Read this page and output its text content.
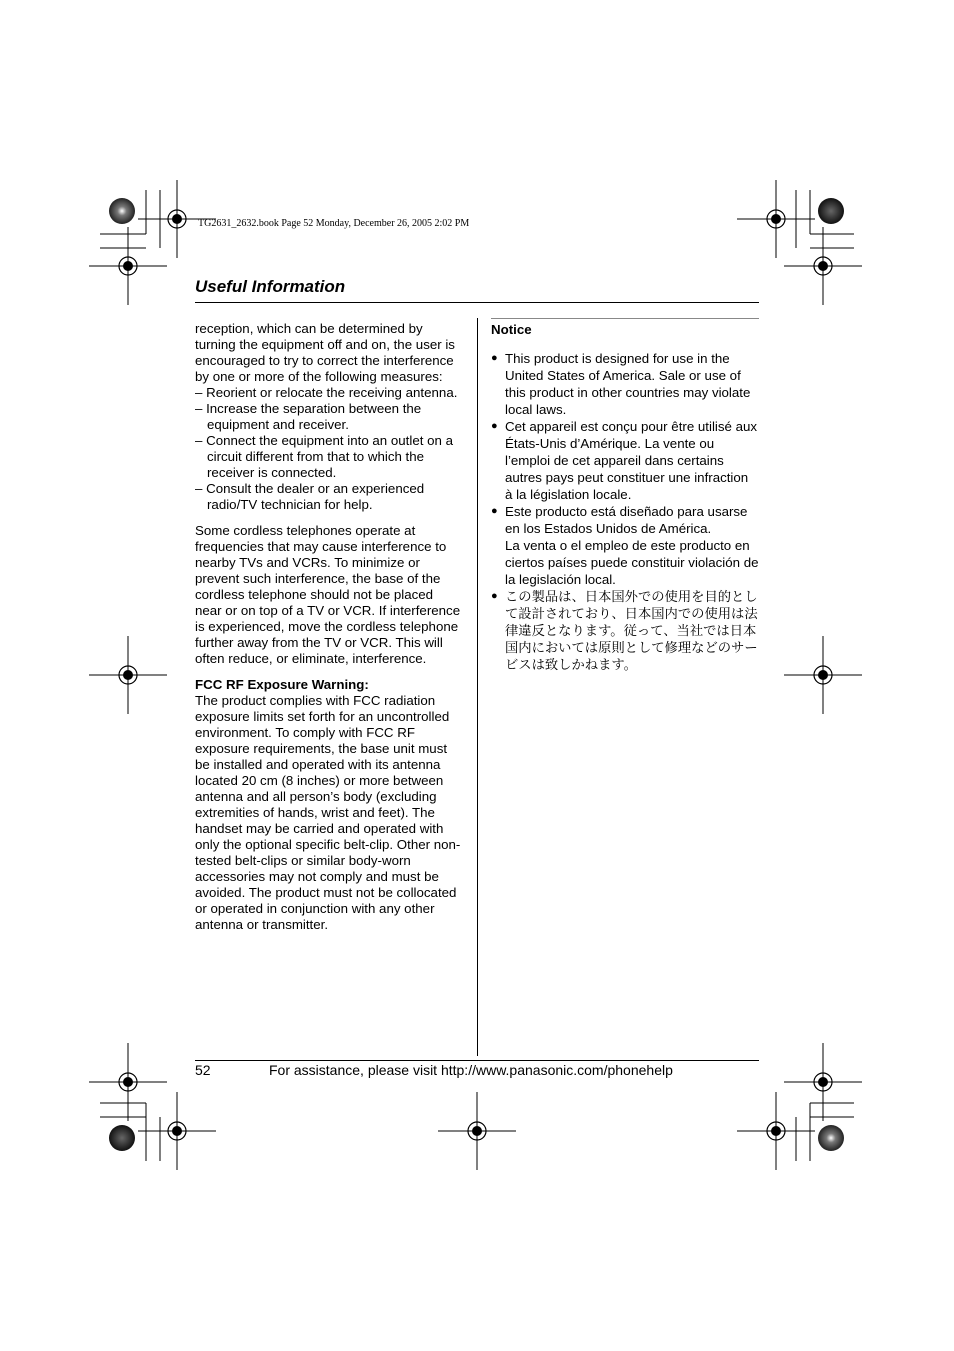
TG2631_2632.book Page 52 Monday, December 26, 2005 2:02 PM
Useful Information

reception, which can be determined by turning the equipment off and on, the user is encouraged to try to correct the interference by one or more of the following measures:

– Reorient or relocate the receiving antenna.
– Increase the separation between the equipment and receiver.
– Connect the equipment into an outlet on a circuit different from that to which the receiver is connected.
– Consult the dealer or an experienced radio/TV technician for help.

Some cordless telephones operate at frequencies that may cause interference to nearby TVs and VCRs. To minimize or prevent such interference, the base of the cordless telephone should not be placed near or on top of a TV or VCR. If interference is experienced, move the cordless telephone further away from the TV or VCR. This will often reduce, or eliminate, interference.

FCC RF Exposure Warning:

The product complies with FCC radiation exposure limits set forth for an uncontrolled environment. To comply with FCC RF exposure requirements, the base unit must be installed and operated with its antenna located 20 cm (8 inches) or more between antenna and all person’s body (excluding extremities of hands, wrist and feet). The handset may be carried and operated with only the optional specific belt-clip. Other non-tested belt-clips or similar body-worn accessories may not comply and must be avoided. The product must not be collocated or operated in conjunction with any other antenna or transmitter.

Notice

● This product is designed for use in the United States of America. Sale or use of this product in other countries may violate local laws.
● Cet appareil est conçu pour être utilisé aux États-Unis d’Amérique. La vente ou l’emploi de cet appareil dans certains autres pays peut constituer une infraction à la législation locale.
● Este producto está diseñado para usarse en los Estados Unidos de América.
La venta o el empleo de este producto en ciertos países puede constituir violación de la legislación local.
● この製品は、日本国外での使用を目的として設計されており、日本国内での使用は法律違反となります。従って、当社では日本国内においては原則として修理などのサービスは致しかねます。
52	For assistance, please visit http://www.panasonic.com/phonehelp
